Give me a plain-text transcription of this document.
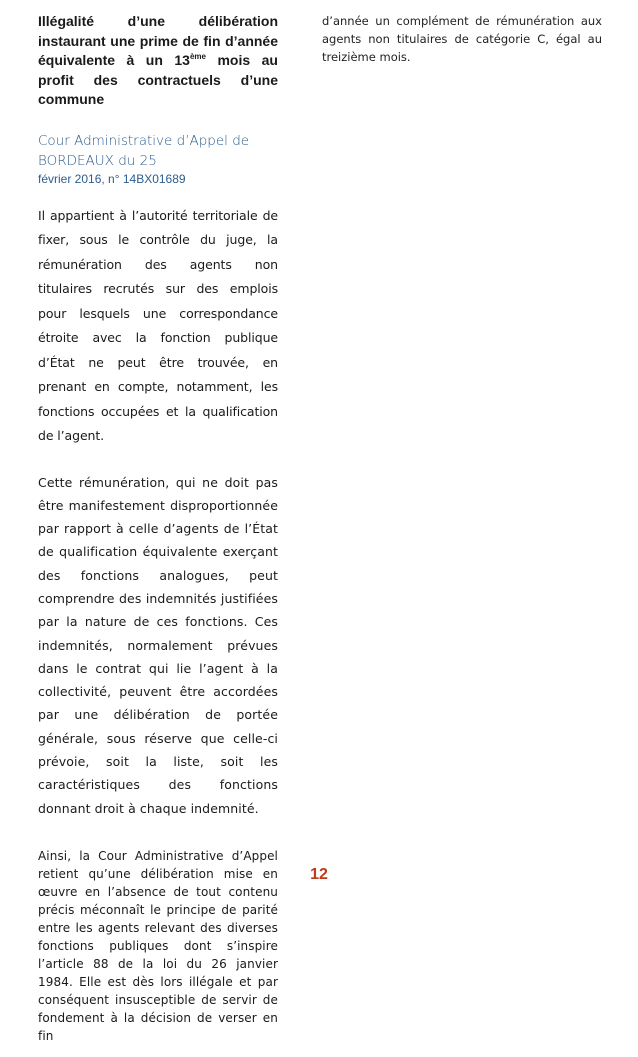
Illégalité d’une délibération instaurant une prime de fin d’année équivalente à un 13ème mois au profit des contractuels d’une commune
Cour Administrative d’Appel de BORDEAUX du 25
février 2016, n° 14BX01689

Il appartient à l’autorité territoriale de fixer, sous le contrôle du juge, la rémunération des agents non titulaires recrutés sur des emplois pour lesquels une correspondance étroite avec la fonction publique d’État ne peut être trouvée, en prenant en compte, notamment, les fonctions occupées et la qualification de l’agent.

Cette rémunération, qui ne doit pas être manifestement disproportionnée par rapport à celle d’agents de l’État de qualification équivalente exerçant des fonctions analogues, peut comprendre des indemnités justifiées par la nature de ces fonctions. Ces indemnités, normalement prévues dans le contrat qui lie l’agent à la collectivité, peuvent être accordées par une délibération de portée générale, sous réserve que celle-ci prévoie, soit la liste, soit les caractéristiques des fonctions donnant droit à chaque indemnité.

Ainsi, la Cour Administrative d’Appel retient qu’une délibération mise en œuvre en l’absence de tout contenu précis méconnaît le principe de parité entre les agents relevant des diverses fonctions publiques dont s’inspire l’article 88 de la loi du 26 janvier 1984. Elle est dès lors illégale et par conséquent insusceptible de servir de fondement à la décision de verser en fin

d’année un complément de rémunération aux agents non titulaires de catégorie C, égal au treizième mois.

12
